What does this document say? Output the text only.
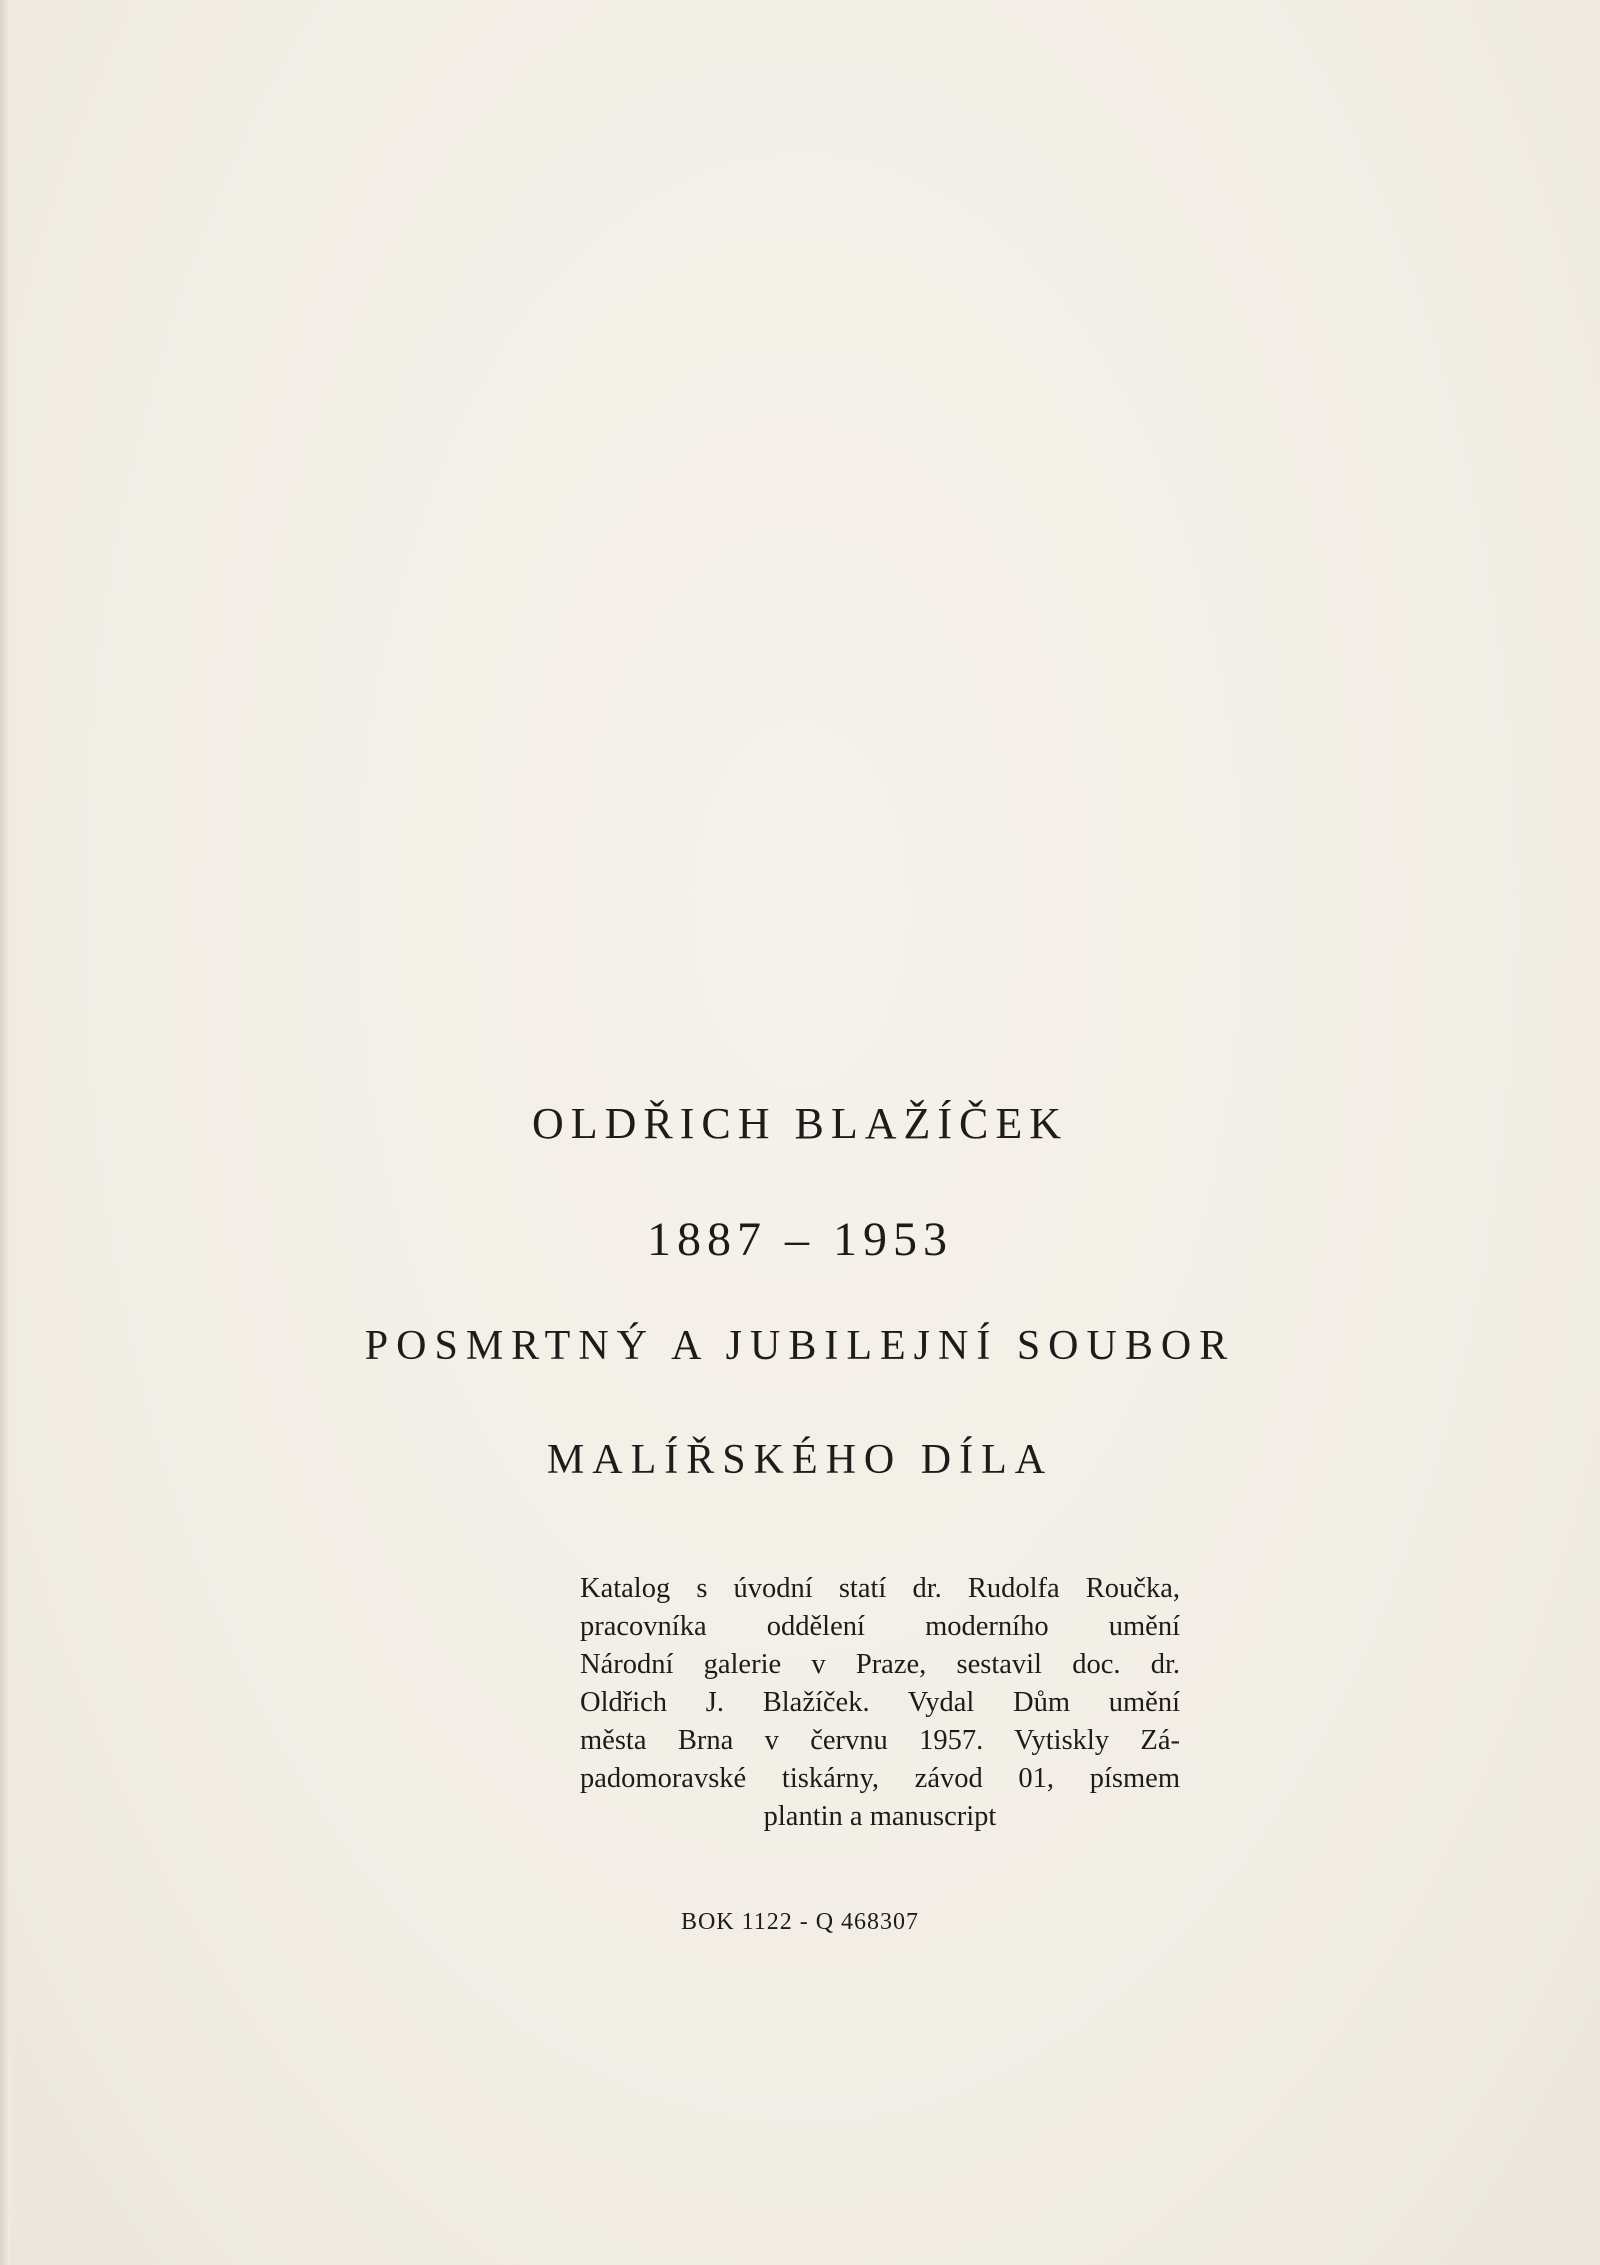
OLDŘICH BLAŽÍČEK
1887 – 1953
POSMRTNÝ A JUBILEJNÍ SOUBOR
MALÍŘSKÉHO DÍLA
Katalog s úvodní statí dr. Rudolfa Roučka,
pracovníka oddělení moderního umění
Národní galerie v Praze, sestavil doc. dr.
Oldřich J. Blažíček. Vydal Dům umění
města Brna v červnu 1957. Vytiskly Zá-
padomoravské tiskárny, závod 01, písmem
plantin a manuscript
BOK 1122 - Q 468307
